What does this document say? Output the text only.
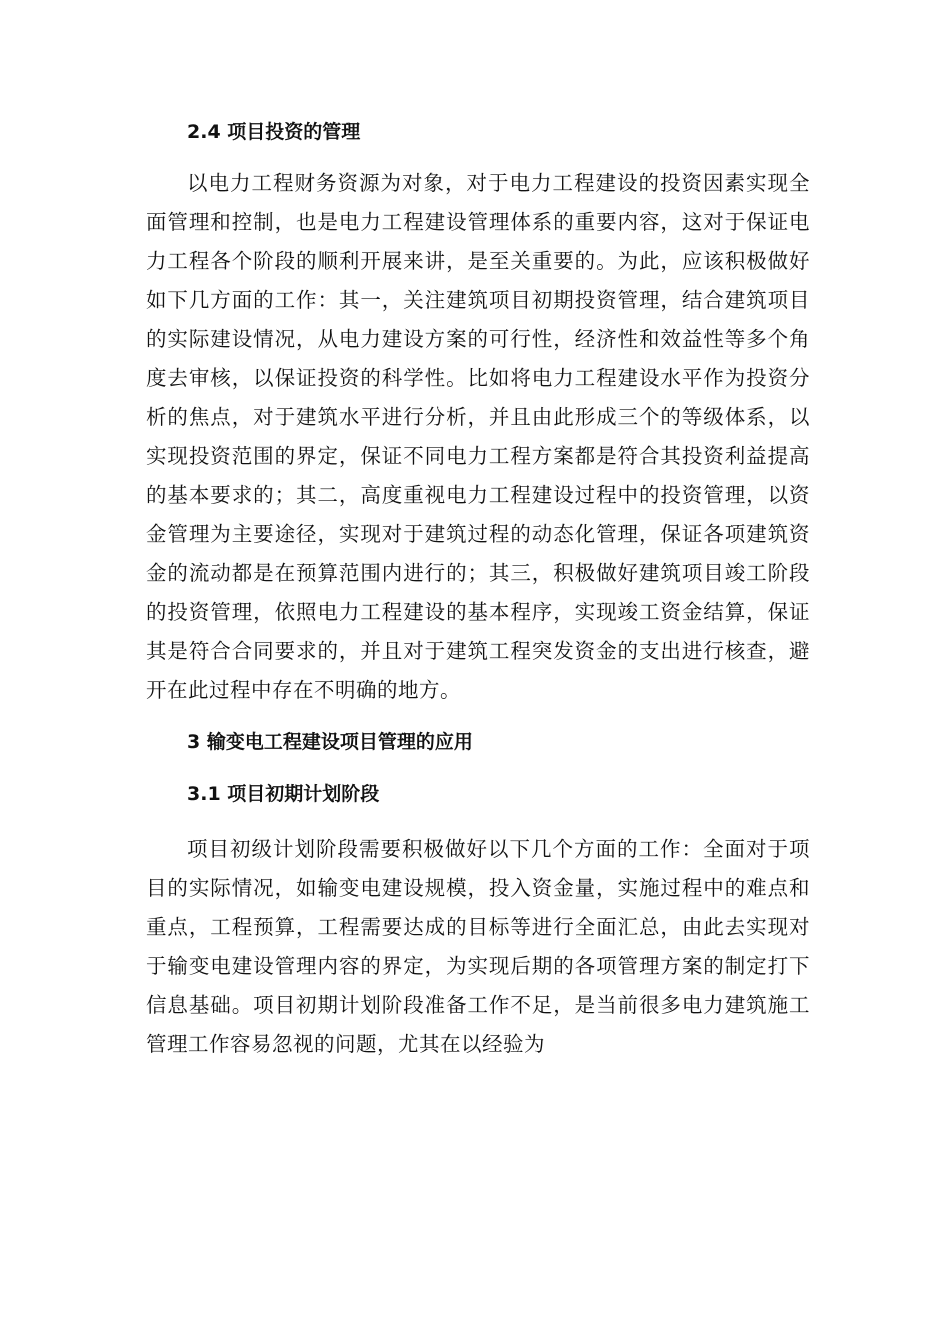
2.4 项目投资的管理

以电力工程财务资源为对象，对于电力工程建设的投资因素实现全面管理和控制，也是电力工程建设管理体系的重要内容，这对于保证电力工程各个阶段的顺利开展来讲，是至关重要的。为此，应该积极做好如下几方面的工作：其一，关注建筑项目初期投资管理，结合建筑项目的实际建设情况，从电力建设方案的可行性，经济性和效益性等多个角度去审核，以保证投资的科学性。比如将电力工程建设水平作为投资分析的焦点，对于建筑水平进行分析，并且由此形成三个的等级体系，以实现投资范围的界定，保证不同电力工程方案都是符合其投资利益提高的基本要求的；其二，高度重视电力工程建设过程中的投资管理，以资金管理为主要途径，实现对于建筑过程的动态化管理，保证各项建筑资金的流动都是在预算范围内进行的；其三，积极做好建筑项目竣工阶段的投资管理，依照电力工程建设的基本程序，实现竣工资金结算，保证其是符合合同要求的，并且对于建筑工程突发资金的支出进行核查，避开在此过程中存在不明确的地方。

3 输变电工程建设项目管理的应用
3.1 项目初期计划阶段

项目初级计划阶段需要积极做好以下几个方面的工作：全面对于项目的实际情况，如输变电建设规模，投入资金量，实施过程中的难点和重点，工程预算，工程需要达成的目标等进行全面汇总，由此去实现对于输变电建设管理内容的界定，为实现后期的各项管理方案的制定打下信息基础。项目初期计划阶段准备工作不足，是当前很多电力建筑施工管理工作容易忽视的问题，尤其在以经验为
